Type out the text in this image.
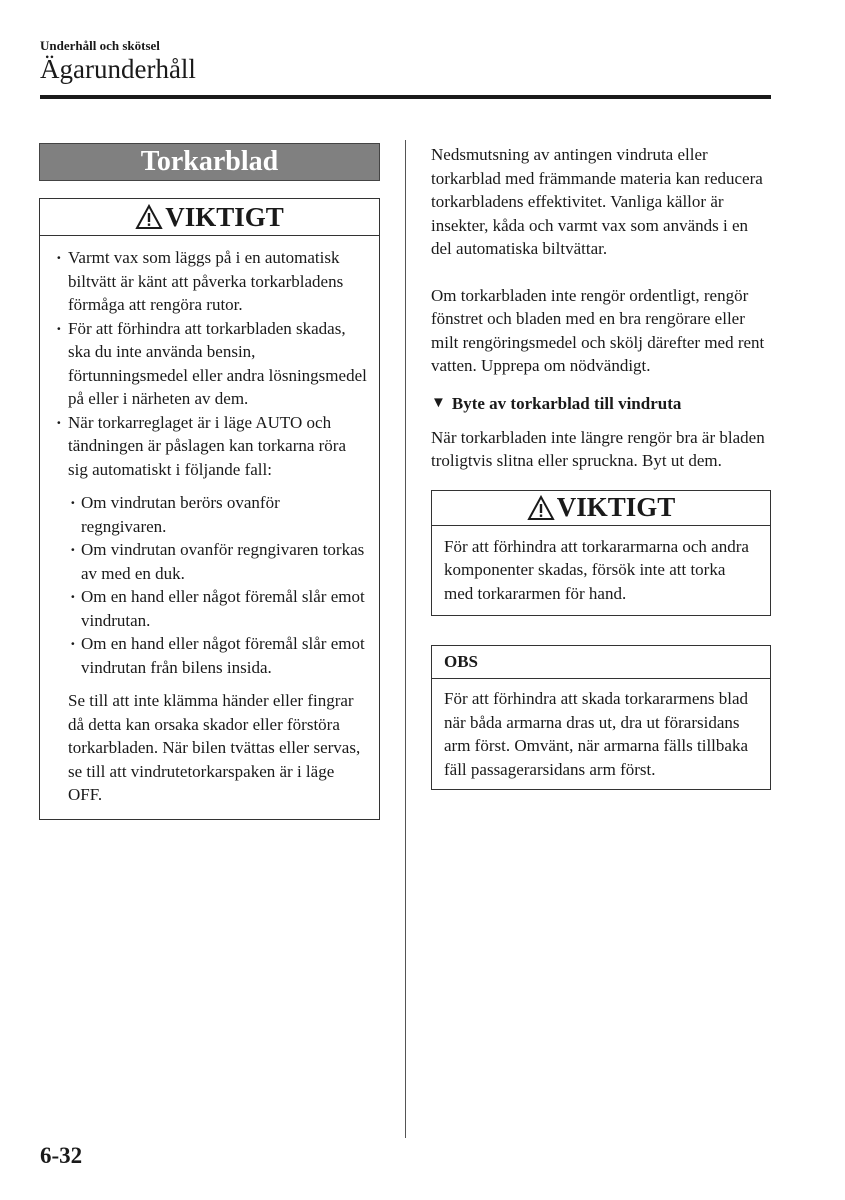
Underhåll och skötsel
Ägarunderhåll
Torkarblad
VIKTIGT
· Varmt vax som läggs på i en automatisk biltvätt är känt att påverka torkarbladens förmåga att rengöra rutor.
· För att förhindra att torkarbladen skadas, ska du inte använda bensin, förtunningsmedel eller andra lösningsmedel på eller i närheten av dem.
· När torkarreglaget är i läge AUTO och tändningen är påslagen kan torkarna röra sig automatiskt i följande fall:
· Om vindrutan berörs ovanför regngivaren.
· Om vindrutan ovanför regngivaren torkas av med en duk.
· Om en hand eller något föremål slår emot vindrutan.
· Om en hand eller något föremål slår emot vindrutan från bilens insida.

Se till att inte klämma händer eller fingrar då detta kan orsaka skador eller förstöra torkarbladen. När bilen tvättas eller servas, se till att vindrutetorkarspaken är i läge OFF.

Nedsmutsning av antingen vindruta eller torkarblad med främmande materia kan reducera torkarbladens effektivitet. Vanliga källor är insekter, kåda och varmt vax som används i en del automatiska biltvättar.

Om torkarbladen inte rengör ordentligt, rengör fönstret och bladen med en bra rengörare eller milt rengöringsmedel och skölj därefter med rent vatten. Upprepa om nödvändigt.

▼ Byte av torkarblad till vindruta

När torkarbladen inte längre rengör bra är bladen troligtvis slitna eller spruckna. Byt ut dem.

VIKTIGT
För att förhindra att torkararmarna och andra komponenter skadas, försök inte att torka med torkararmen för hand.
OBS
För att förhindra att skada torkararmens blad när båda armarna dras ut, dra ut förarsidans arm först. Omvänt, när armarna fälls tillbaka fäll passagerarsidans arm först.
6-32
